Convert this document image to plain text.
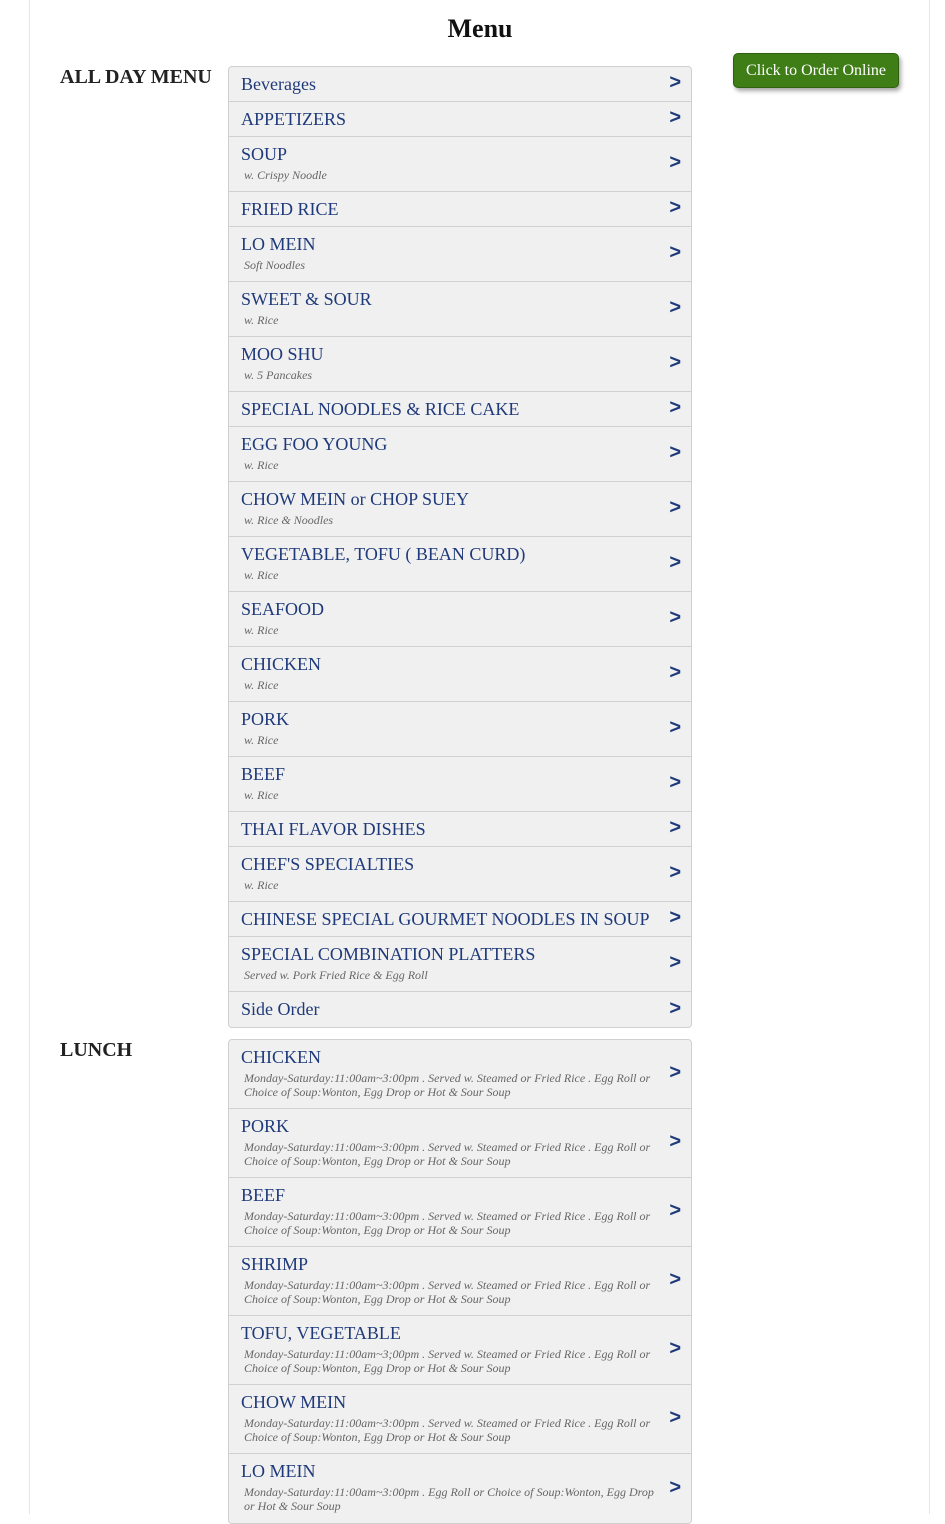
Menu
Click to Order Online
ALL DAY MENU Beverages	>
APPETIZERS	>
SOUP
w. Crispy Noodle
>
FRIED RICE	>
LO MEIN
Soft Noodles
>
SWEET & SOUR
w. Rice
>
MOO SHU
w. 5 Pancakes
>
SPECIAL NOODLES & RICE CAKE	>
EGG FOO YOUNG
w. Rice
>
CHOW MEIN or CHOP SUEY
w. Rice & Noodles
>
VEGETABLE, TOFU ( BEAN CURD)
w. Rice
>
SEAFOOD
w. Rice
>
CHICKEN
w. Rice
>
PORK
w. Rice
>
BEEF
w. Rice
>
THAI FLAVOR DISHES	>
CHEF'S SPECIALTIES
w. Rice
>
CHINESE SPECIAL GOURMET NOODLES IN SOUP >
SPECIAL COMBINATION PLATTERS
Served w. Pork Fried Rice & Egg Roll
>
Side Order	>
LUNCH	CHICKEN
Monday-Saturday:11:00am~3:00pm . Served w. Steamed or Fried Rice . Egg Roll or Choice of Soup:Wonton, Egg Drop or Hot & Sour Soup
>
PORK
Monday-Saturday:11:00am~3:00pm . Served w. Steamed or Fried Rice . Egg Roll or Choice of Soup:Wonton, Egg Drop or Hot & Sour Soup
>
BEEF
Monday-Saturday:11:00am~3:00pm . Served w. Steamed or Fried Rice . Egg Roll or Choice of Soup:Wonton, Egg Drop or Hot & Sour Soup
>
SHRIMP
Monday-Saturday:11:00am~3:00pm . Served w. Steamed or Fried Rice . Egg Roll or Choice of Soup:Wonton, Egg Drop or Hot & Sour Soup
>
TOFU, VEGETABLE
Monday-Saturday:11:00am~3;00pm . Served w. Steamed or Fried Rice . Egg Roll or Choice of Soup:Wonton, Egg Drop or Hot & Sour Soup
>
CHOW MEIN
Monday-Saturday:11:00am~3:00pm . Served w. Steamed or Fried Rice . Egg Roll or Choice of Soup:Wonton, Egg Drop or Hot & Sour Soup
>
LO MEIN
Monday-Saturday:11:00am~3:00pm . Egg Roll or Choice of Soup:Wonton, Egg Drop or Hot & Sour Soup
>
